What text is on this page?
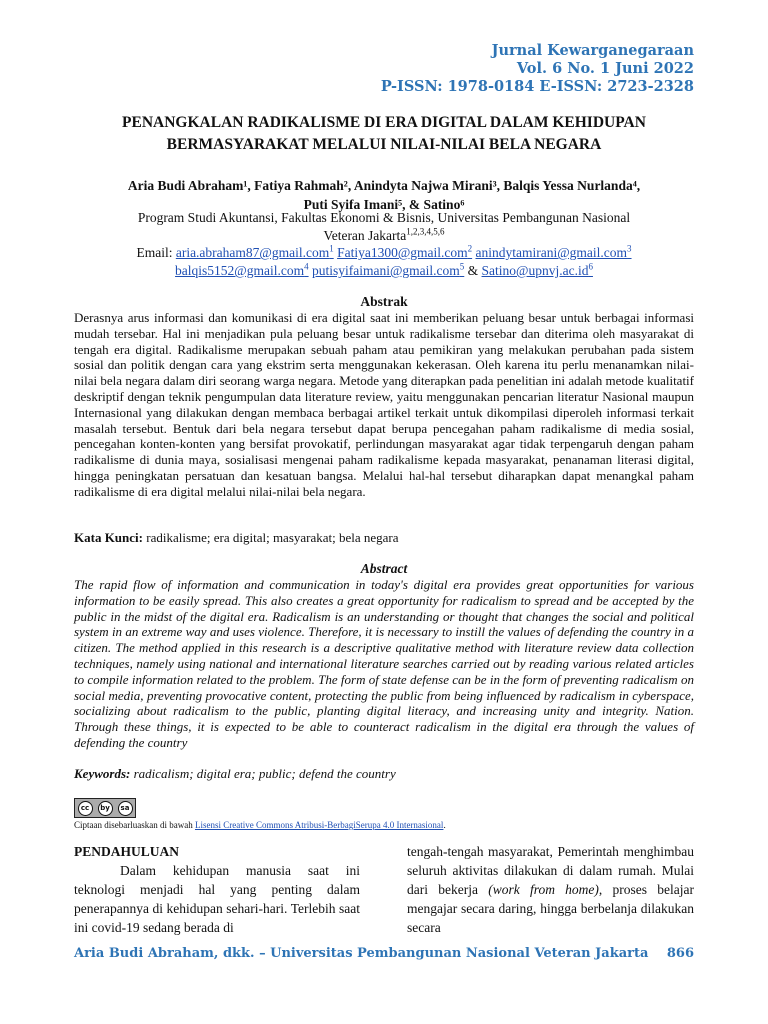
Jurnal Kewarganegaraan
Vol. 6 No. 1 Juni 2022
P-ISSN: 1978-0184 E-ISSN: 2723-2328
PENANGKALAN RADIKALISME DI ERA DIGITAL DALAM KEHIDUPAN
BERMASYARAKAT MELALUI NILAI-NILAI BELA NEGARA
Aria Budi Abraham¹, Fatiya Rahmah², Anindyta Najwa Mirani³, Balqis Yessa Nurlanda⁴,
Puti Syifa Imani⁵, & Satino⁶
Program Studi Akuntansi, Fakultas Ekonomi & Bisnis, Universitas Pembangunan Nasional
Veteran Jakarta$^{1,2,3,4,5,6}$
Email: aria.abraham87@gmail.com$^1$ Fatiya1300@gmail.com$^2$ anindytamirani@gmail.com$^3$
balqis5152@gmail.com$^4$ putisyifaimani@gmail.com$^5$ & $Satino@upnvj.ac.id^6$
Abstrak
Derasnya arus informasi dan komunikasi di era digital saat ini memberikan peluang besar untuk berbagai informasi mudah tersebar. Hal ini menjadikan pula peluang besar untuk radikalisme tersebar dan diterima oleh masyarakat di tengah era digital. Radikalisme merupakan sebuah paham atau pemikiran yang melakukan perubahan pada sistem sosial dan politik dengan cara yang ekstrim serta menggunakan kekerasan. Oleh karena itu perlu menanamkan nilai-nilai bela negara dalam diri seorang warga negara. Metode yang diterapkan pada penelitian ini adalah metode kualitatif deskriptif dengan teknik pengumpulan data literature review, yaitu menggunakan pencarian literatur Nasional maupun Internasional yang dilakukan dengan membaca berbagai artikel terkait untuk dikompilasi diperoleh informasi terkait masalah tersebut. Bentuk dari bela negara tersebut dapat berupa pencegahan paham radikalisme di media sosial, pencegahan konten-konten yang bersifat provokatif, perlindungan masyarakat agar tidak terpengaruh dengan paham radikalisme di dunia maya, sosialisasi mengenai paham radikalisme kepada masyarakat, penanaman literasi digital, hingga peningkatan persatuan dan kesatuan bangsa. Melalui hal-hal tersebut diharapkan dapat menangkal paham radikalisme di era digital melalui nilai-nilai bela negara.
Kata Kunci: radikalisme; era digital; masyarakat; bela negara
Abstract
The rapid flow of information and communication in today's digital era provides great opportunities for various information to be easily spread. This also creates a great opportunity for radicalism to spread and be accepted by the public in the midst of the digital era. Radicalism is an understanding or thought that changes the social and political system in an extreme way and uses violence. Therefore, it is necessary to instill the values of defending the country in a citizen. The method applied in this research is a descriptive qualitative method with literature review data collection techniques, namely using national and international literature searches carried out by reading various related articles to compile information related to the problem. The form of state defense can be in the form of preventing radicalism on social media, preventing provocative content, protecting the public from being influenced by radicalism in cyberspace, socializing about radicalism to the public, planting digital literacy, and increasing unity and integrity. Nation. Through these things, it is expected to be able to counteract radicalism in the digital era through the values of defending the country
Keywords: radicalism; digital era; public; defend the country
cc	by	sa
Ciptaan disebarluaskan di bawah Lisensi Creative Commons Atribusi-BerbagiSerupa 4.0 Internasional.
PENDAHULUAN
Dalam kehidupan manusia saat ini teknologi menjadi hal yang penting dalam penerapannya di kehidupan sehari-hari. Terlebih saat ini covid-19 sedang berada di
tengah-tengah masyarakat, Pemerintah menghimbau seluruh aktivitas dilakukan di dalam rumah. Mulai dari bekerja (work from home), proses belajar mengajar secara daring, hingga berbelanja dilakukan secara
Aria Budi Abraham, dkk. – Universitas Pembangunan Nasional Veteran Jakarta 866
